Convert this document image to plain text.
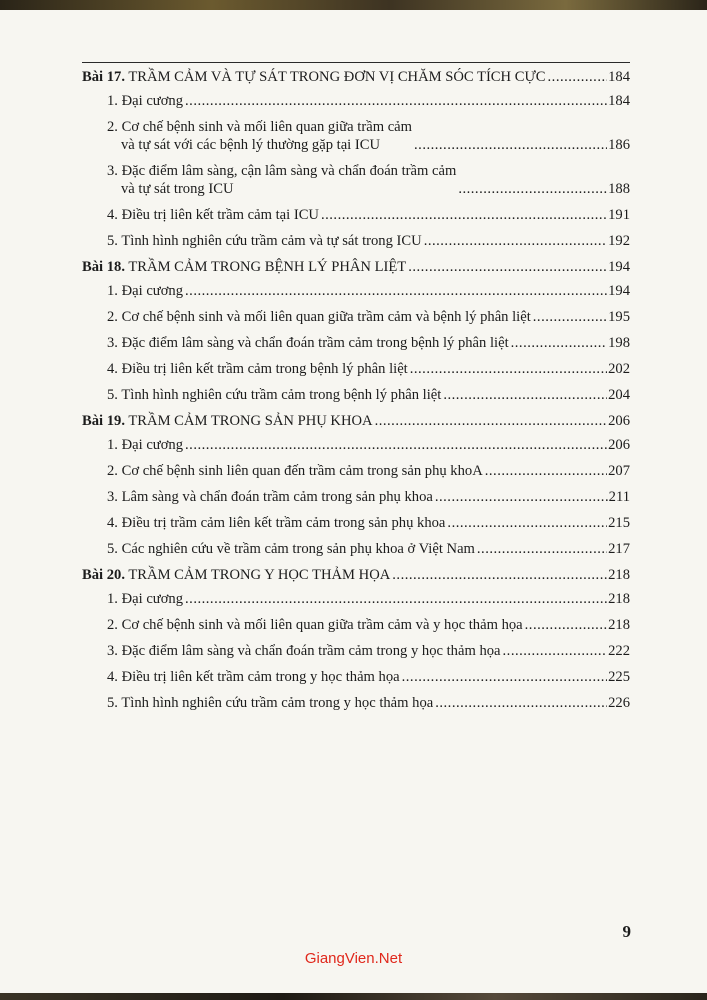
Bài 17. TRẦM CẢM VÀ TỰ SÁT TRONG ĐƠN VỊ CHĂM SÓC TÍCH CỰC .....	184
1. Đại cương .....	184
2. Cơ chế bệnh sinh và mối liên quan giữa trầm cảm
và tự sát với các bệnh lý thường gặp tại ICU .....	186
3. Đặc điểm lâm sàng, cận lâm sàng và chẩn đoán trầm cảm
và tự sát trong ICU .....	188
4. Điều trị liên kết trầm cảm tại ICU .....	191
5. Tình hình nghiên cứu trầm cảm và tự sát trong ICU .....	192
Bài 18. TRẦM CẢM TRONG BỆNH LÝ PHÂN LIỆT .....	194
1. Đại cương .....	194
2. Cơ chế bệnh sinh và mối liên quan giữa trầm cảm và bệnh lý phân liệt .....	195
3. Đặc điểm lâm sàng và chẩn đoán trầm cảm trong bệnh lý phân liệt .....	198
4. Điều trị liên kết trầm cảm trong bệnh lý phân liệt .....	202
5. Tình hình nghiên cứu trầm cảm trong bệnh lý phân liệt .....	204
Bài 19. TRẦM CẢM TRONG SẢN PHỤ KHOA .....	206
1. Đại cương .....	206
2. Cơ chế bệnh sinh liên quan đến trầm cảm trong sản phụ khoA .....	207
3. Lâm sàng và chẩn đoán trầm cảm trong sản phụ khoa .....	211
4. Điều trị trầm cảm liên kết trầm cảm trong sản phụ khoa .....	215
5. Các nghiên cứu về trầm cảm trong sản phụ khoa ở Việt Nam .....	217
Bài 20. TRẦM CẢM TRONG Y HỌC THẢM HỌA .....	218
1. Đại cương .....	218
2. Cơ chế bệnh sinh và mối liên quan giữa trầm cảm và y học thảm họa .....	218
3. Đặc điểm lâm sàng và chẩn đoán trầm cảm trong y học thảm họa .....	222
4. Điều trị liên kết trầm cảm trong y học thảm họa .....	225
5. Tình hình nghiên cứu trầm cảm trong y học thảm họa .....	226
9
GiangVien.Net
